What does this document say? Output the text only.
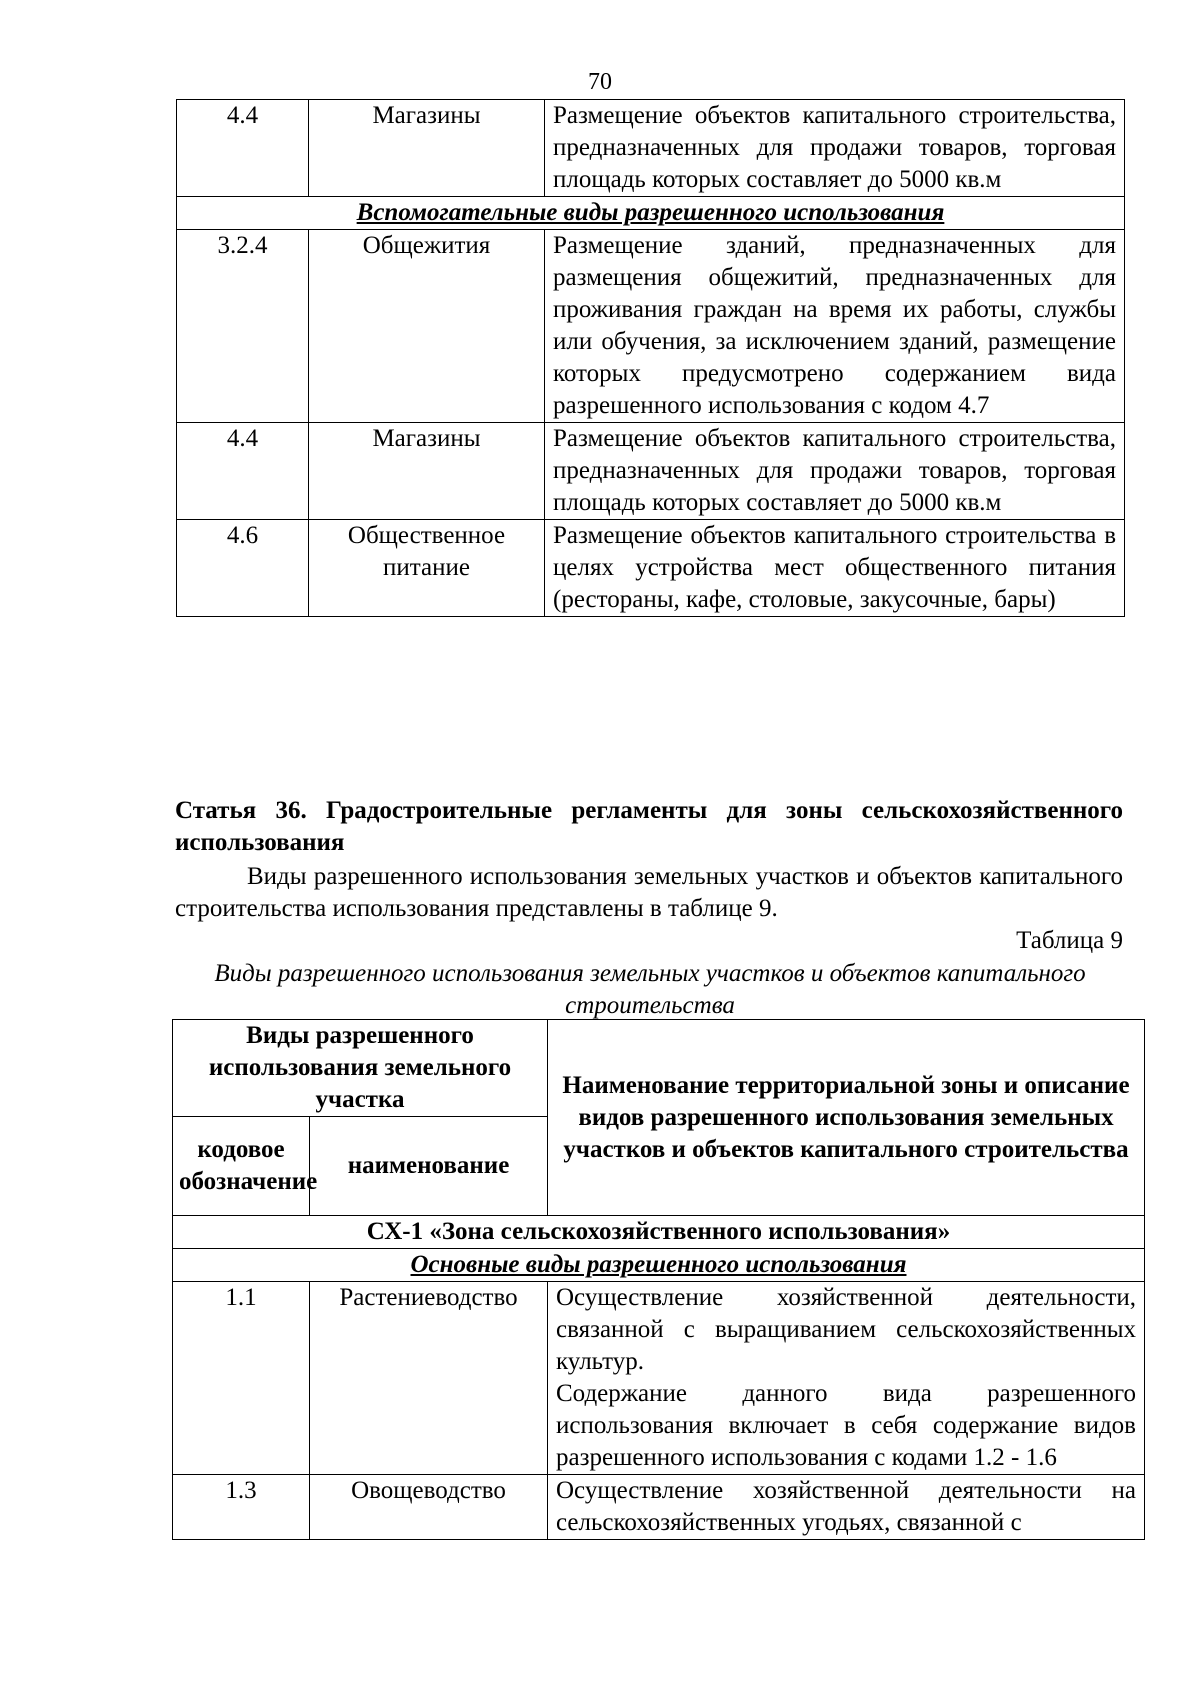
70
4.4	Магазины	Размещение объектов капитального строительства, предназначенных для продажи товаров, торговая площадь которых составляет до 5000 кв.м

Вспомогательные виды разрешенного использования		
3.2.4	Общежития	Размещение зданий, предназначенных для размещения общежитий, предназначенных для проживания граждан на время их работы, службы или обучения, за исключением зданий, размещение которых предусмотрено содержанием вида разрешенного использования с кодом 4.7

4.4	Магазины	Размещение объектов капитального строительства, предназначенных для продажи товаров, торговая площадь которых составляет до 5000 кв.м

4.6	Общественное питание	Размещение объектов капитального строительства в целях устройства мест общественного питания (рестораны, кафе, столовые, закусочные, бары)

Статья 36. Градостроительные регламенты для зоны сельскохозяйственного использования

Виды разрешенного использования земельных участков и объектов капитального строительства использования представлены в таблице 9.

Таблица 9

Виды разрешенного использования земельных участков и объектов капитального строительства

Виды разрешенного использования земельного участка		Наименование территориальной зоны и описание видов разрешенного использования земельных участков и объектов капитального строительства
кодовое обозначение	наименование	
СХ-1 «Зона сельскохозяйственного использования»		
Основные виды разрешенного использования		
1.1	Растениеводство	Осуществление хозяйственной деятельности, связанной с выращиванием сельскохозяйственных культур.
Содержание данного вида разрешенного использования включает в себя содержание видов разрешенного использования с кодами 1.2 - 1.6

1.3	Овощеводство	Осуществление хозяйственной деятельности на сельскохозяйственных угодьях, связанной с
